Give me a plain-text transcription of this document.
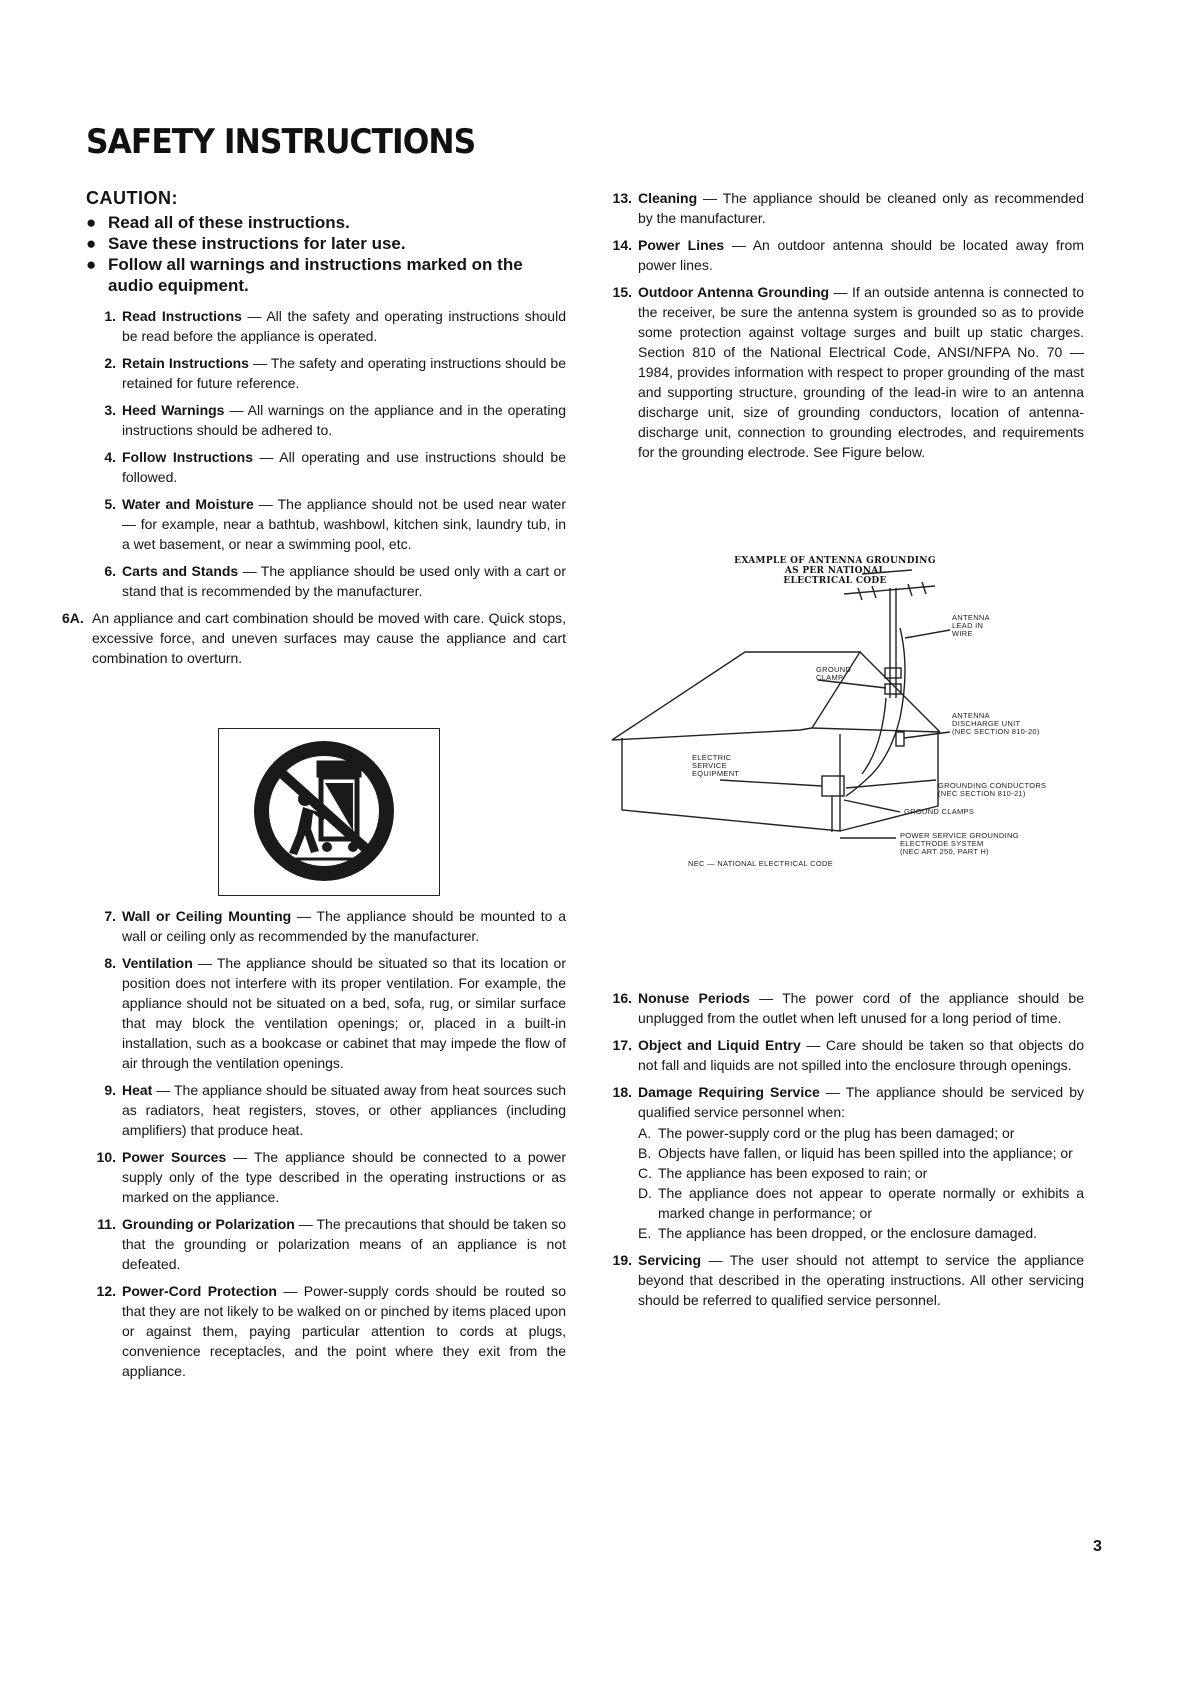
SAFETY INSTRUCTIONS
CAUTION:
● Read all of these instructions.
● Save these instructions for later use.
● Follow all warnings and instructions marked on the audio equipment.
1. Read Instructions — All the safety and operating instructions should be read before the appliance is operated.
2. Retain Instructions — The safety and operating instructions should be retained for future reference.
3. Heed Warnings — All warnings on the appliance and in the operating instructions should be adhered to.
4. Follow Instructions — All operating and use instructions should be followed.
5. Water and Moisture — The appliance should not be used near water — for example, near a bathtub, washbowl, kitchen sink, laundry tub, in a wet basement, or near a swimming pool, etc.
6. Carts and Stands — The appliance should be used only with a cart or stand that is recommended by the manufacturer.
6A. An appliance and cart combination should be moved with care. Quick stops, excessive force, and uneven surfaces may cause the appliance and cart combination to overturn.
7. Wall or Ceiling Mounting — The appliance should be mounted to a wall or ceiling only as recommended by the manufacturer.
8. Ventilation — The appliance should be situated so that its location or position does not interfere with its proper ventilation. For example, the appliance should not be situated on a bed, sofa, rug, or similar surface that may block the ventilation openings; or, placed in a built-in installation, such as a bookcase or cabinet that may impede the flow of air through the ventilation openings.
9. Heat — The appliance should be situated away from heat sources such as radiators, heat registers, stoves, or other appliances (including amplifiers) that produce heat.
10. Power Sources — The appliance should be connected to a power supply only of the type described in the operating instructions or as marked on the appliance.
11. Grounding or Polarization — The precautions that should be taken so that the grounding or polarization means of an appliance is not defeated.
12. Power-Cord Protection — Power-supply cords should be routed so that they are not likely to be walked on or pinched by items placed upon or against them, paying particular attention to cords at plugs, convenience receptacles, and the point where they exit from the appliance.
13. Cleaning — The appliance should be cleaned only as recommended by the manufacturer.
14. Power Lines — An outdoor antenna should be located away from power lines.
15. Outdoor Antenna Grounding — If an outside antenna is connected to the receiver, be sure the antenna system is grounded so as to provide some protection against voltage surges and built up static charges. Section 810 of the National Electrical Code, ANSI/NFPA No. 70 — 1984, provides information with respect to proper grounding of the mast and supporting structure, grounding of the lead-in wire to an antenna discharge unit, size of grounding conductors, location of antenna-discharge unit, connection to grounding electrodes, and requirements for the grounding electrode. See Figure below.
EXAMPLE OF ANTENNA GROUNDING
AS PER NATIONAL
ELECTRICAL CODE
ANTENNA
LEAD IN
WIRE
GROUND
CLAMP
ANTENNA
DISCHARGE UNIT
(NEC SECTION 810-20)
ELECTRIC
SERVICE
EQUIPMENT
GROUNDING CONDUCTORS
(NEC SECTION 810-21)
GROUND CLAMPS
POWER SERVICE GROUNDING
ELECTRODE SYSTEM
(NEC ART 250, PART H)
NEC — NATIONAL ELECTRICAL CODE
16. Nonuse Periods — The power cord of the appliance should be unplugged from the outlet when left unused for a long period of time.
17. Object and Liquid Entry — Care should be taken so that objects do not fall and liquids are not spilled into the enclosure through openings.
18. Damage Requiring Service — The appliance should be serviced by qualified service personnel when:
A. The power-supply cord or the plug has been damaged; or
B. Objects have fallen, or liquid has been spilled into the appliance; or
C. The appliance has been exposed to rain; or
D. The appliance does not appear to operate normally or exhibits a marked change in performance; or
E. The appliance has been dropped, or the enclosure damaged.
19. Servicing — The user should not attempt to service the appliance beyond that described in the operating instructions. All other servicing should be referred to qualified service personnel.
3
